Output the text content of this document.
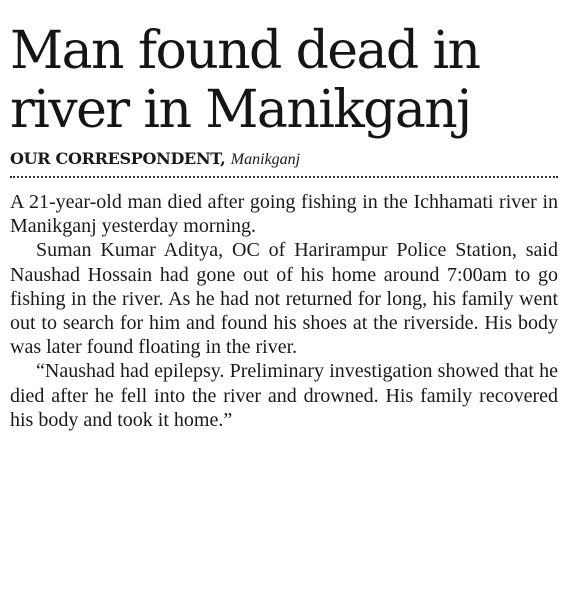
Man found dead in river in Manikganj
OUR CORRESPONDENT, Manikganj

A 21-year-old man died after going fishing in the Ichhamati river in Manikganj yesterday morning.

Suman Kumar Aditya, OC of Harirampur Police Station, said Naushad Hossain had gone out of his home around 7:00am to go fishing in the river. As he had not returned for long, his family went out to search for him and found his shoes at the riverside. His body was later found floating in the river.

“Naushad had epilepsy. Preliminary investigation showed that he died after he fell into the river and drowned. His family recovered his body and took it home.”
